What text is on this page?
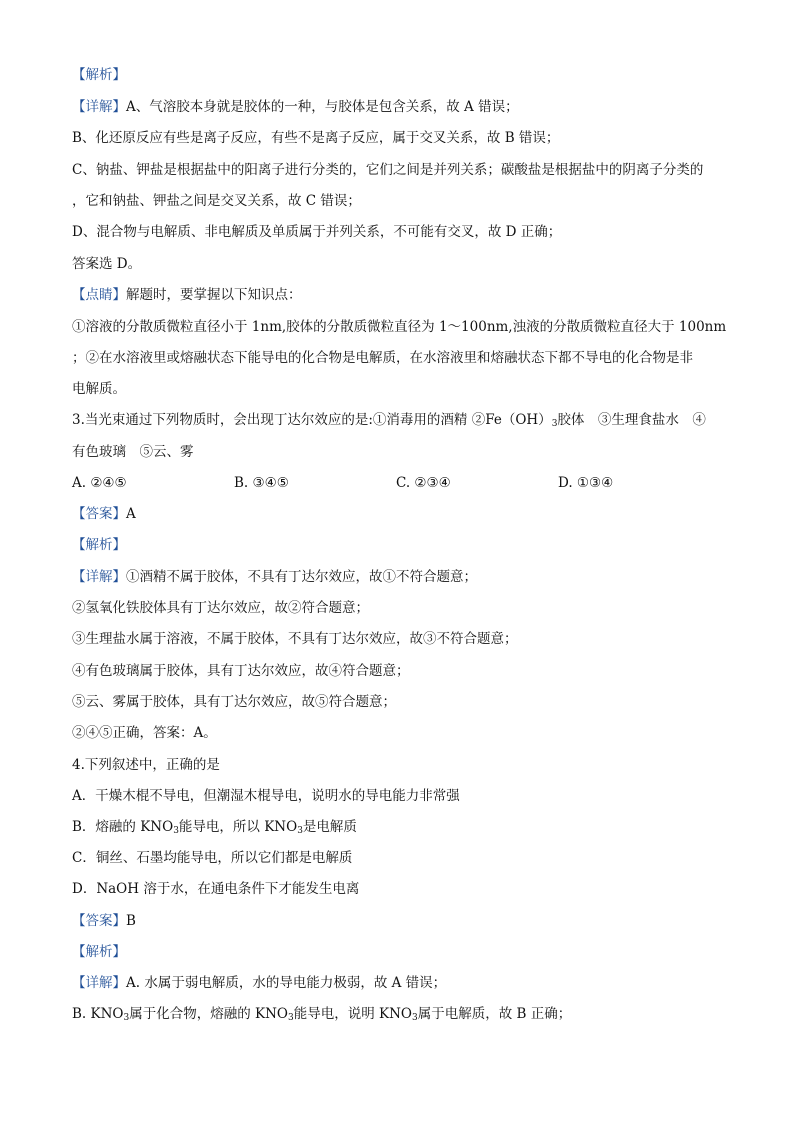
【解析】
【详解】A、气溶胶本身就是胶体的一种，与胶体是包含关系，故 A 错误；
B、化还原反应有些是离子反应，有些不是离子反应，属于交叉关系，故 B 错误；
C、钠盐、钾盐是根据盐中的阳离子进行分类的，它们之间是并列关系；碳酸盐是根据盐中的阴离子分类的
，它和钠盐、钾盐之间是交叉关系，故 C 错误；
D、混合物与电解质、非电解质及单质属于并列关系，不可能有交叉，故 D 正确；
答案选 D。
【点睛】解题时，要掌握以下知识点：
①溶液的分散质微粒直径小于 1nm,胶体的分散质微粒直径为 1～100nm,浊液的分散质微粒直径大于 100nm
；②在水溶液里或熔融状态下能导电的化合物是电解质，在水溶液里和熔融状态下都不导电的化合物是非
电解质。
3.当光束通过下列物质时，会出现丁达尔效应的是:①消毒用的酒精 $②Fe(OH)_3$胶体　③生理食盐水　④
有色玻璃　⑤云、雾
A. ②④⑤	B. ③④⑤	C. ②③④	D. ①③④
【答案】A
【解析】
【详解】①酒精不属于胶体，不具有丁达尔效应，故①不符合题意；
②氢氧化铁胶体具有丁达尔效应，故②符合题意；
③生理盐水属于溶液，不属于胶体，不具有丁达尔效应，故③不符合题意；
④有色玻璃属于胶体，具有丁达尔效应，故④符合题意；
⑤云、雾属于胶体，具有丁达尔效应，故⑤符合题意；
②④⑤正确，答案：A。
4.下列叙述中，正确的是
A．干燥木棍不导电，但潮湿木棍导电，说明水的导电能力非常强
B．熔融的 $KNO_3$能导电，所以 $KNO_3$是电解质
C．铜丝、石墨均能导电，所以它们都是电解质
D．NaOH 溶于水，在通电条件下才能发生电离
【答案】B
【解析】
【详解】A. 水属于弱电解质，水的导电能力极弱，故 A 错误；
B. $KNO_3$属于化合物，熔融的 $KNO_3$能导电，说明 $KNO_3$属于电解质，故 B 正确；
